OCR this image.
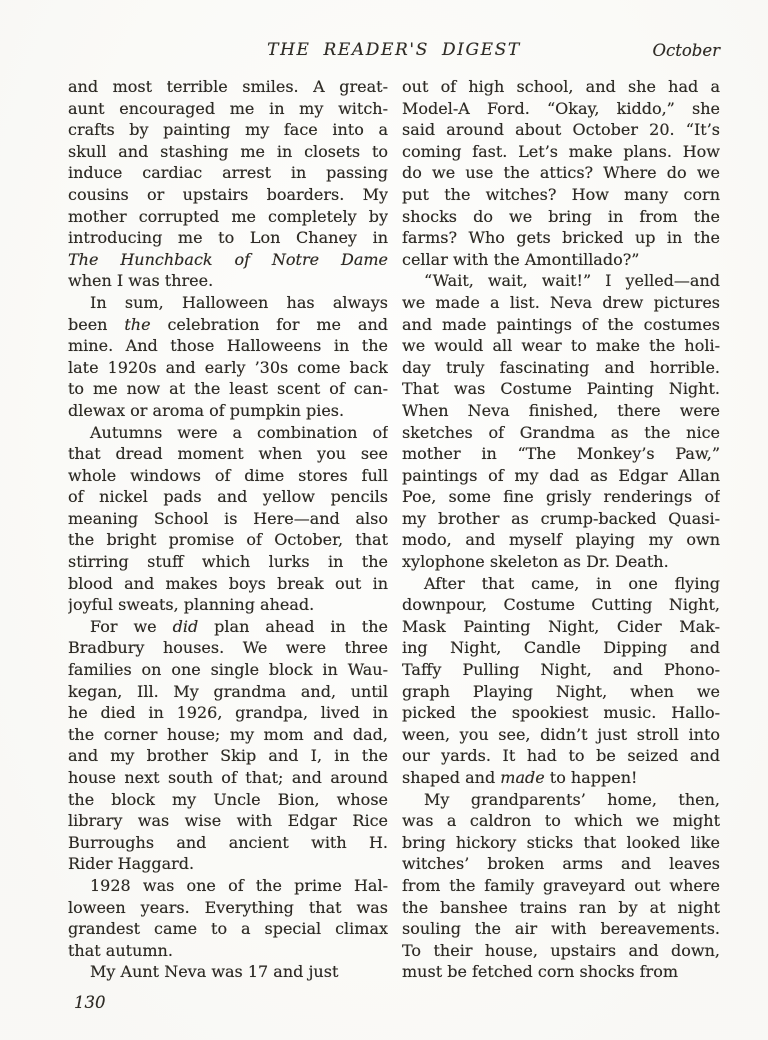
THE READER'S DIGEST	October
and most terrible smiles. A great-
aunt encouraged me in my witch-
crafts by painting my face into a
skull and stashing me in closets to
induce cardiac arrest in passing
cousins or upstairs boarders. My
mother corrupted me completely by
introducing me to Lon Chaney in
The Hunchback of Notre Dame
when I was three.
In sum, Halloween has always
been the celebration for me and
mine. And those Halloweens in the
late 1920s and early ’30s come back
to me now at the least scent of can-
dlewax or aroma of pumpkin pies.
Autumns were a combination of
that dread moment when you see
whole windows of dime stores full
of nickel pads and yellow pencils
meaning School is Here—and also
the bright promise of October, that
stirring stuff which lurks in the
blood and makes boys break out in
joyful sweats, planning ahead.
For we did plan ahead in the
Bradbury houses. We were three
families on one single block in Wau-
kegan, Ill. My grandma and, until
he died in 1926, grandpa, lived in
the corner house; my mom and dad,
and my brother Skip and I, in the
house next south of that; and around
the block my Uncle Bion, whose
library was wise with Edgar Rice
Burroughs and ancient with H.
Rider Haggard.
1928 was one of the prime Hal-
loween years. Everything that was
grandest came to a special climax
that autumn.
My Aunt Neva was 17 and just
out of high school, and she had a
Model-A Ford. “Okay, kiddo,” she
said around about October 20. “It’s
coming fast. Let’s make plans. How
do we use the attics? Where do we
put the witches? How many corn
shocks do we bring in from the
farms? Who gets bricked up in the
cellar with the Amontillado?”
“Wait, wait, wait!” I yelled—and
we made a list. Neva drew pictures
and made paintings of the costumes
we would all wear to make the holi-
day truly fascinating and horrible.
That was Costume Painting Night.
When Neva finished, there were
sketches of Grandma as the nice
mother in “The Monkey’s Paw,”
paintings of my dad as Edgar Allan
Poe, some fine grisly renderings of
my brother as crump-backed Quasi-
modo, and myself playing my own
xylophone skeleton as Dr. Death.
After that came, in one flying
downpour, Costume Cutting Night,
Mask Painting Night, Cider Mak-
ing Night, Candle Dipping and
Taffy Pulling Night, and Phono-
graph Playing Night, when we
picked the spookiest music. Hallo-
ween, you see, didn’t just stroll into
our yards. It had to be seized and
shaped and made to happen!
My grandparents’ home, then,
was a caldron to which we might
bring hickory sticks that looked like
witches’ broken arms and leaves
from the family graveyard out where
the banshee trains ran by at night
souling the air with bereavements.
To their house, upstairs and down,
must be fetched corn shocks from
130
